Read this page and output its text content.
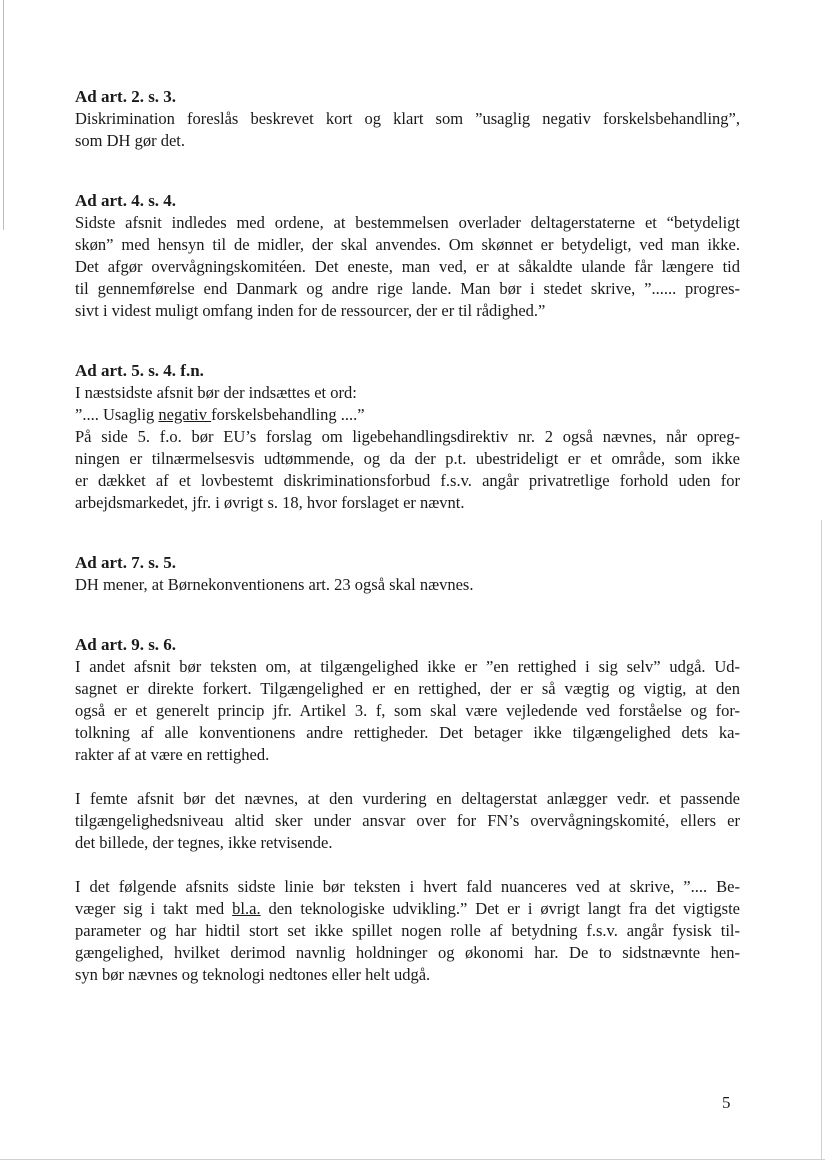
Ad art. 2. s. 3.

Diskrimination foreslås beskrevet kort og klart som ”usaglig negativ forskelsbehandling”,

som DH gør det.

Ad art. 4. s. 4.

Sidste afsnit indledes med ordene, at bestemmelsen overlader deltagerstaterne et “betydeligt

skøn” med hensyn til de midler, der skal anvendes. Om skønnet er betydeligt, ved man ikke.

Det afgør overvågningskomitéen. Det eneste, man ved, er at såkaldte ulande får længere tid

til gennemførelse end Danmark og andre rige lande. Man bør i stedet skrive, ”...... progres-

sivt i videst muligt omfang inden for de ressourcer, der er til rådighed.”

Ad art. 5. s. 4. f.n.

I næstsidste afsnit bør der indsættes et ord:

”.... Usaglig negativ forskelsbehandling ....”

På side 5. f.o. bør EU’s forslag om ligebehandlingsdirektiv nr. 2 også nævnes, når opreg-

ningen er tilnærmelsesvis udtømmende, og da der p.t. ubestrideligt er et område, som ikke

er dækket af et lovbestemt diskriminationsforbud f.s.v. angår privatretlige forhold uden for

arbejdsmarkedet, jfr. i øvrigt s. 18, hvor forslaget er nævnt.

Ad art. 7. s. 5.

DH mener, at Børnekonventionens art. 23 også skal nævnes.

Ad art. 9. s. 6.

I andet afsnit bør teksten om, at tilgængelighed ikke er ”en rettighed i sig selv” udgå. Ud-

sagnet er direkte forkert. Tilgængelighed er en rettighed, der er så vægtig og vigtig, at den

også er et generelt princip jfr. Artikel 3. f, som skal være vejledende ved forståelse og for-

tolkning af alle konventionens andre rettigheder. Det betager ikke tilgængelighed dets ka-

rakter af at være en rettighed.

I femte afsnit bør det nævnes, at den vurdering en deltagerstat anlægger vedr. et passende

tilgængelighedsniveau altid sker under ansvar over for FN’s overvågningskomité, ellers er

det billede, der tegnes, ikke retvisende.

I det følgende afsnits sidste linie bør teksten i hvert fald nuanceres ved at skrive, ”.... Be-

væger sig i takt med bl.a. den teknologiske udvikling.” Det er i øvrigt langt fra det vigtigste

parameter og har hidtil stort set ikke spillet nogen rolle af betydning f.s.v. angår fysisk til-

gængelighed, hvilket derimod navnlig holdninger og økonomi har. De to sidstnævnte hen-

syn bør nævnes og teknologi nedtones eller helt udgå.

5
